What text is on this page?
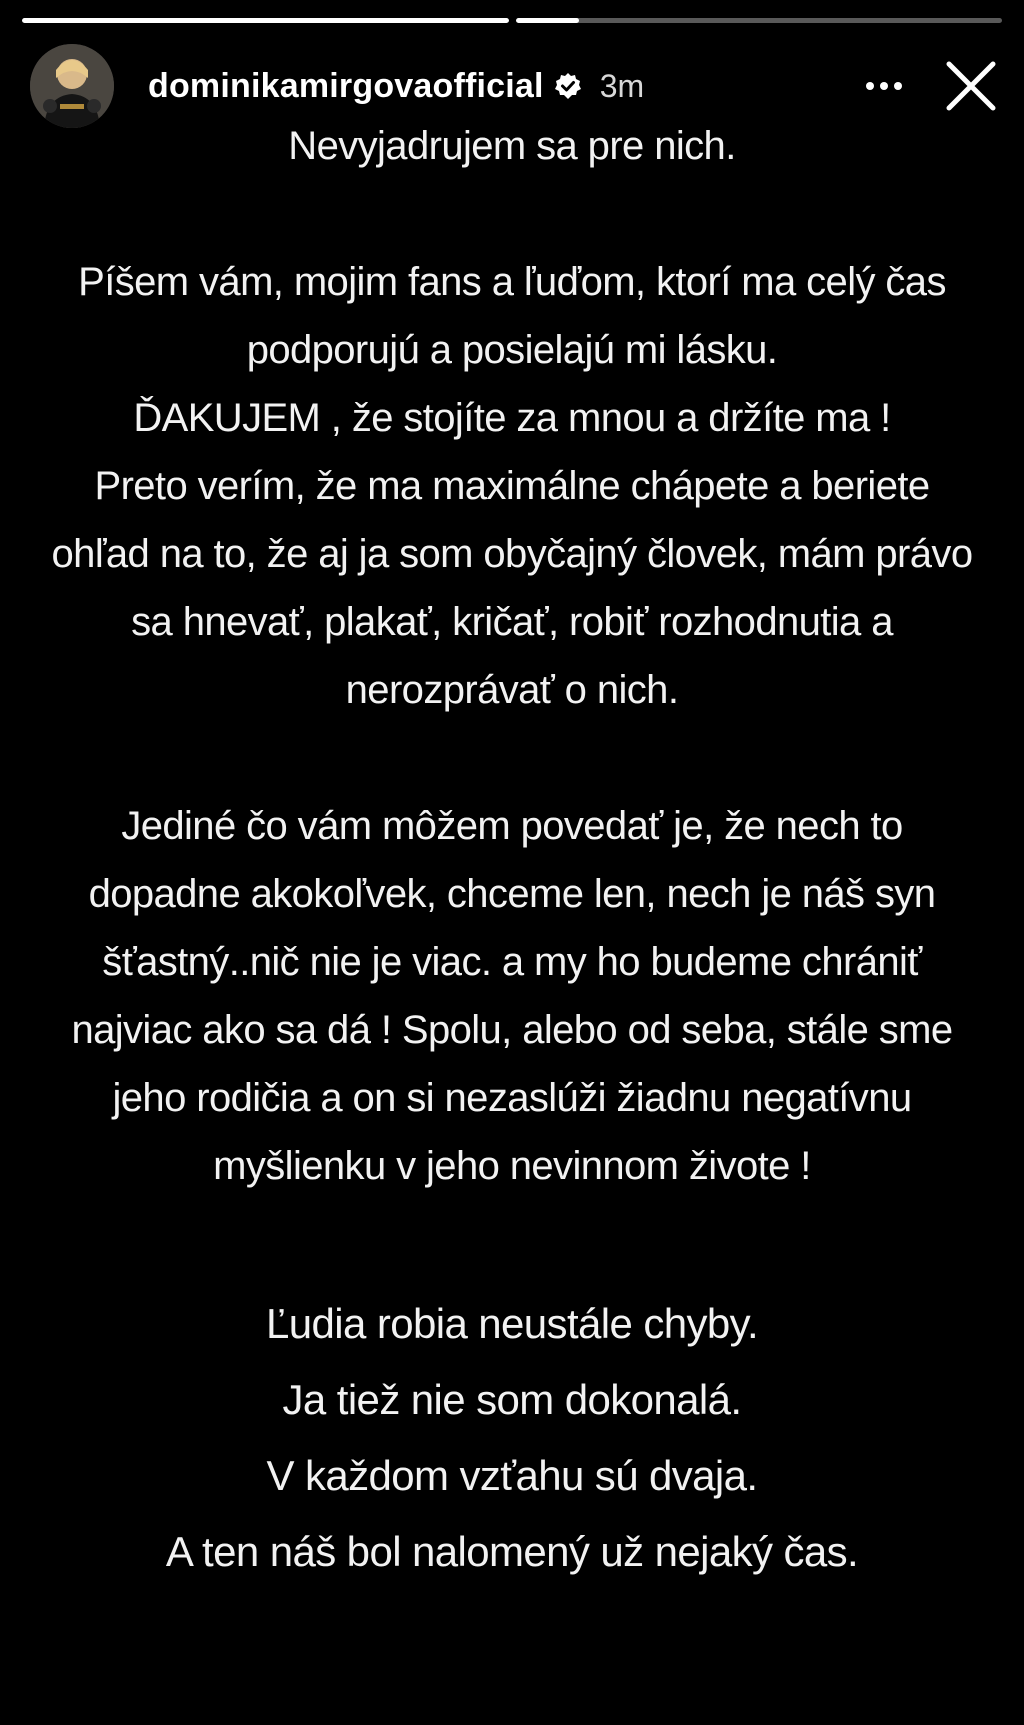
dominikamirgovaofficial 3m
Nevyjadrujem sa pre nich.
Píšem vám, mojim fans a ľuďom, ktorí ma celý čas
podporujú a posielajú mi lásku.
ĎAKUJEM , že stojíte za mnou a držíte ma !
Preto verím, že ma maximálne chápete a beriete
ohľad na to, že aj ja som obyčajný človek, mám právo
sa hnevať, plakať, kričať, robiť rozhodnutia a
nerozprávať o nich.
Jediné čo vám môžem povedať je, že nech to
dopadne akokoľvek, chceme len, nech je náš syn
šťastný..nič nie je viac. a my ho budeme chrániť
najviac ako sa dá ! Spolu, alebo od seba, stále sme
jeho rodičia a on si nezaslúži žiadnu negatívnu
myšlienku v jeho nevinnom živote !
Ľudia robia neustále chyby.
Ja tiež nie som dokonalá.
V každom vzťahu sú dvaja.
A ten náš bol nalomený už nejaký čas.
